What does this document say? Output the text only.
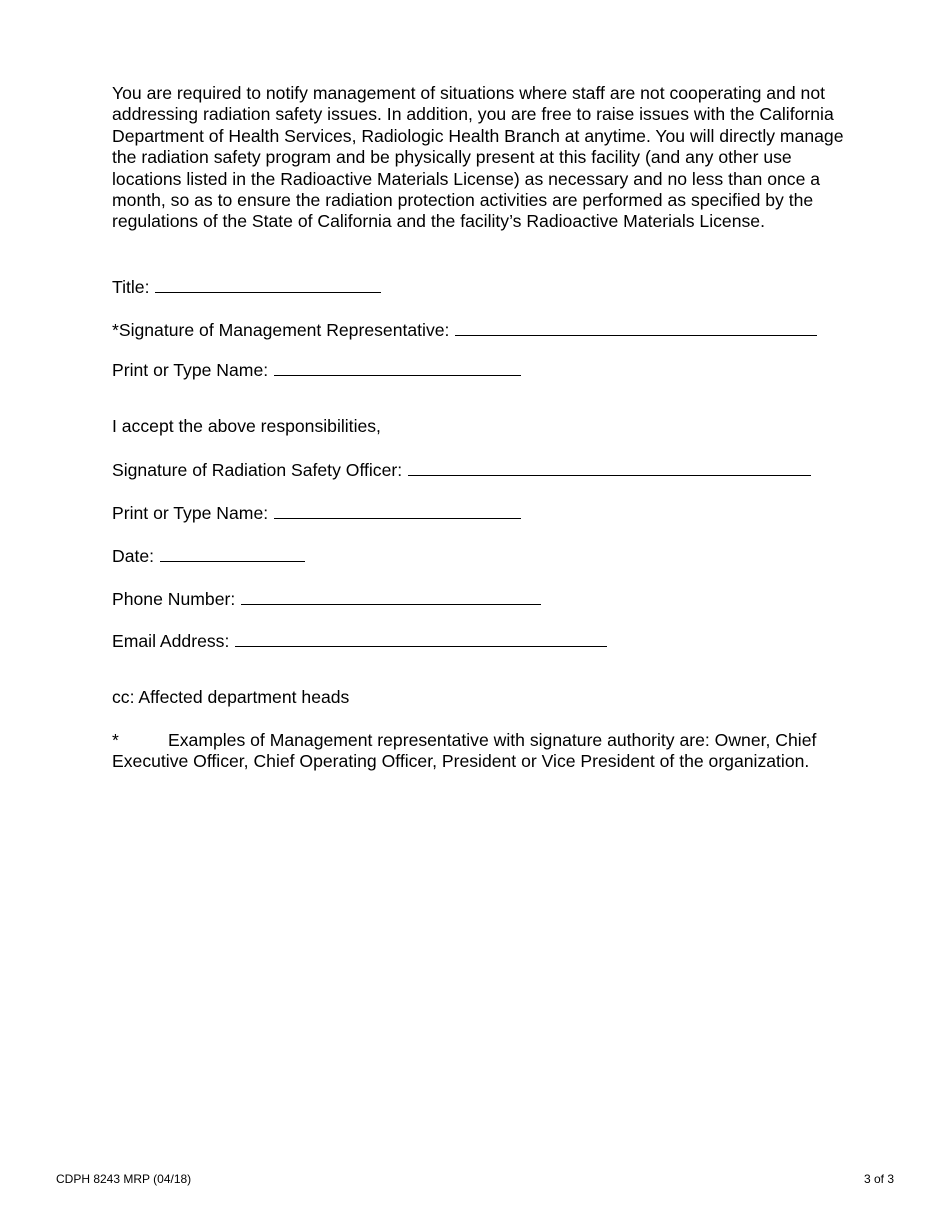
You are required to notify management of situations where staff are not cooperating and not addressing radiation safety issues. In addition, you are free to raise issues with the California Department of Health Services, Radiologic Health Branch at anytime. You will directly manage the radiation safety program and be physically present at this facility (and any other use locations listed in the Radioactive Materials License) as necessary and no less than once a month, so as to ensure the radiation protection activities are performed as specified by the regulations of the State of California and the facility’s Radioactive Materials License.

Title:
*Signature of Management Representative:
Print or Type Name:
I accept the above responsibilities,
Signature of Radiation Safety Officer:
Print or Type Name:
Date:
Phone Number:
Email Address:
cc: Affected department heads

*	Examples of Management representative with signature authority are: Owner, Chief Executive Officer, Chief Operating Officer, President or Vice President of the organization.

CDPH 8243 MRP (04/18)	3 of 3
